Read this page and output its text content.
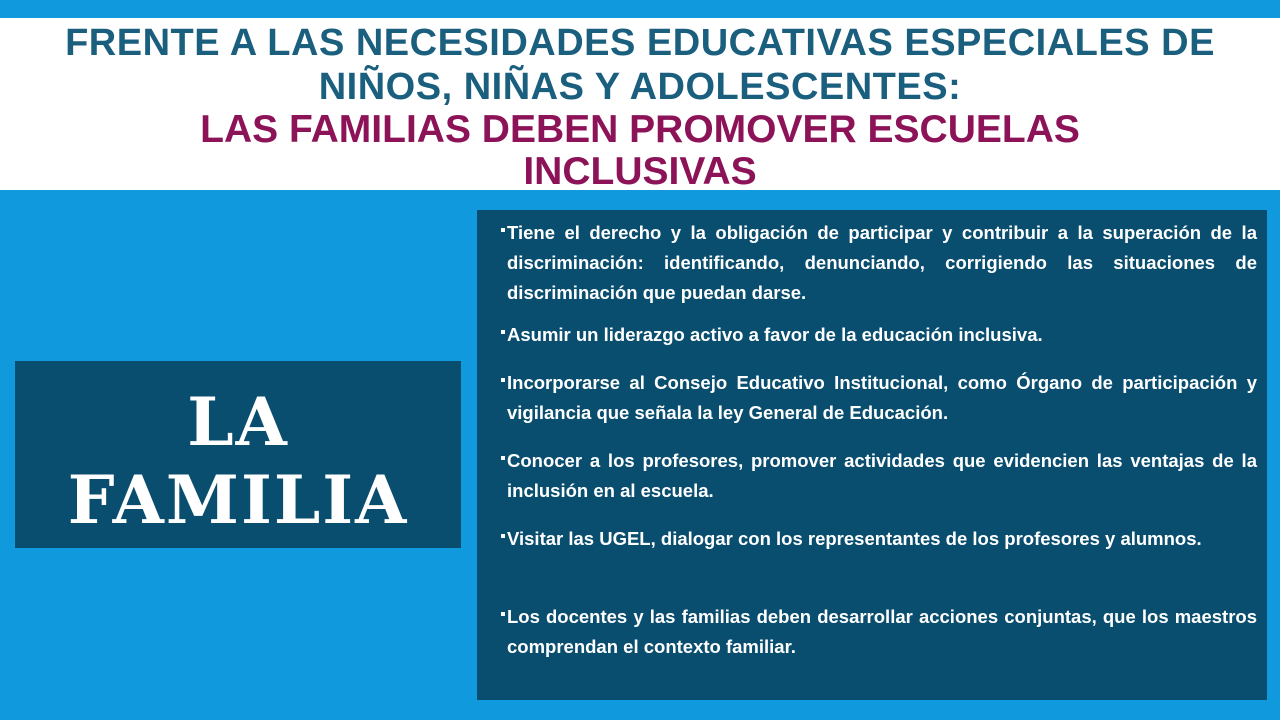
FRENTE A LAS NECESIDADES EDUCATIVAS ESPECIALES DE
NIÑOS, NIÑAS Y ADOLESCENTES:
LAS FAMILIAS DEBEN PROMOVER ESCUELAS
INCLUSIVAS
LA
FAMILIA

Tiene el derecho y la obligación de participar y contribuir a la superación de la discriminación: identificando, denunciando, corrigiendo las situaciones de discriminación que puedan darse.

Asumir un liderazgo activo a favor de la educación inclusiva.

Incorporarse al Consejo Educativo Institucional, como Órgano de participación y vigilancia que señala la ley General de Educación.

Conocer a los profesores, promover actividades que evidencien las ventajas de la inclusión en al escuela.

Visitar las UGEL, dialogar con los representantes de los profesores y alumnos.

Los docentes y las familias deben desarrollar acciones conjuntas, que los maestros comprendan el contexto familiar.
